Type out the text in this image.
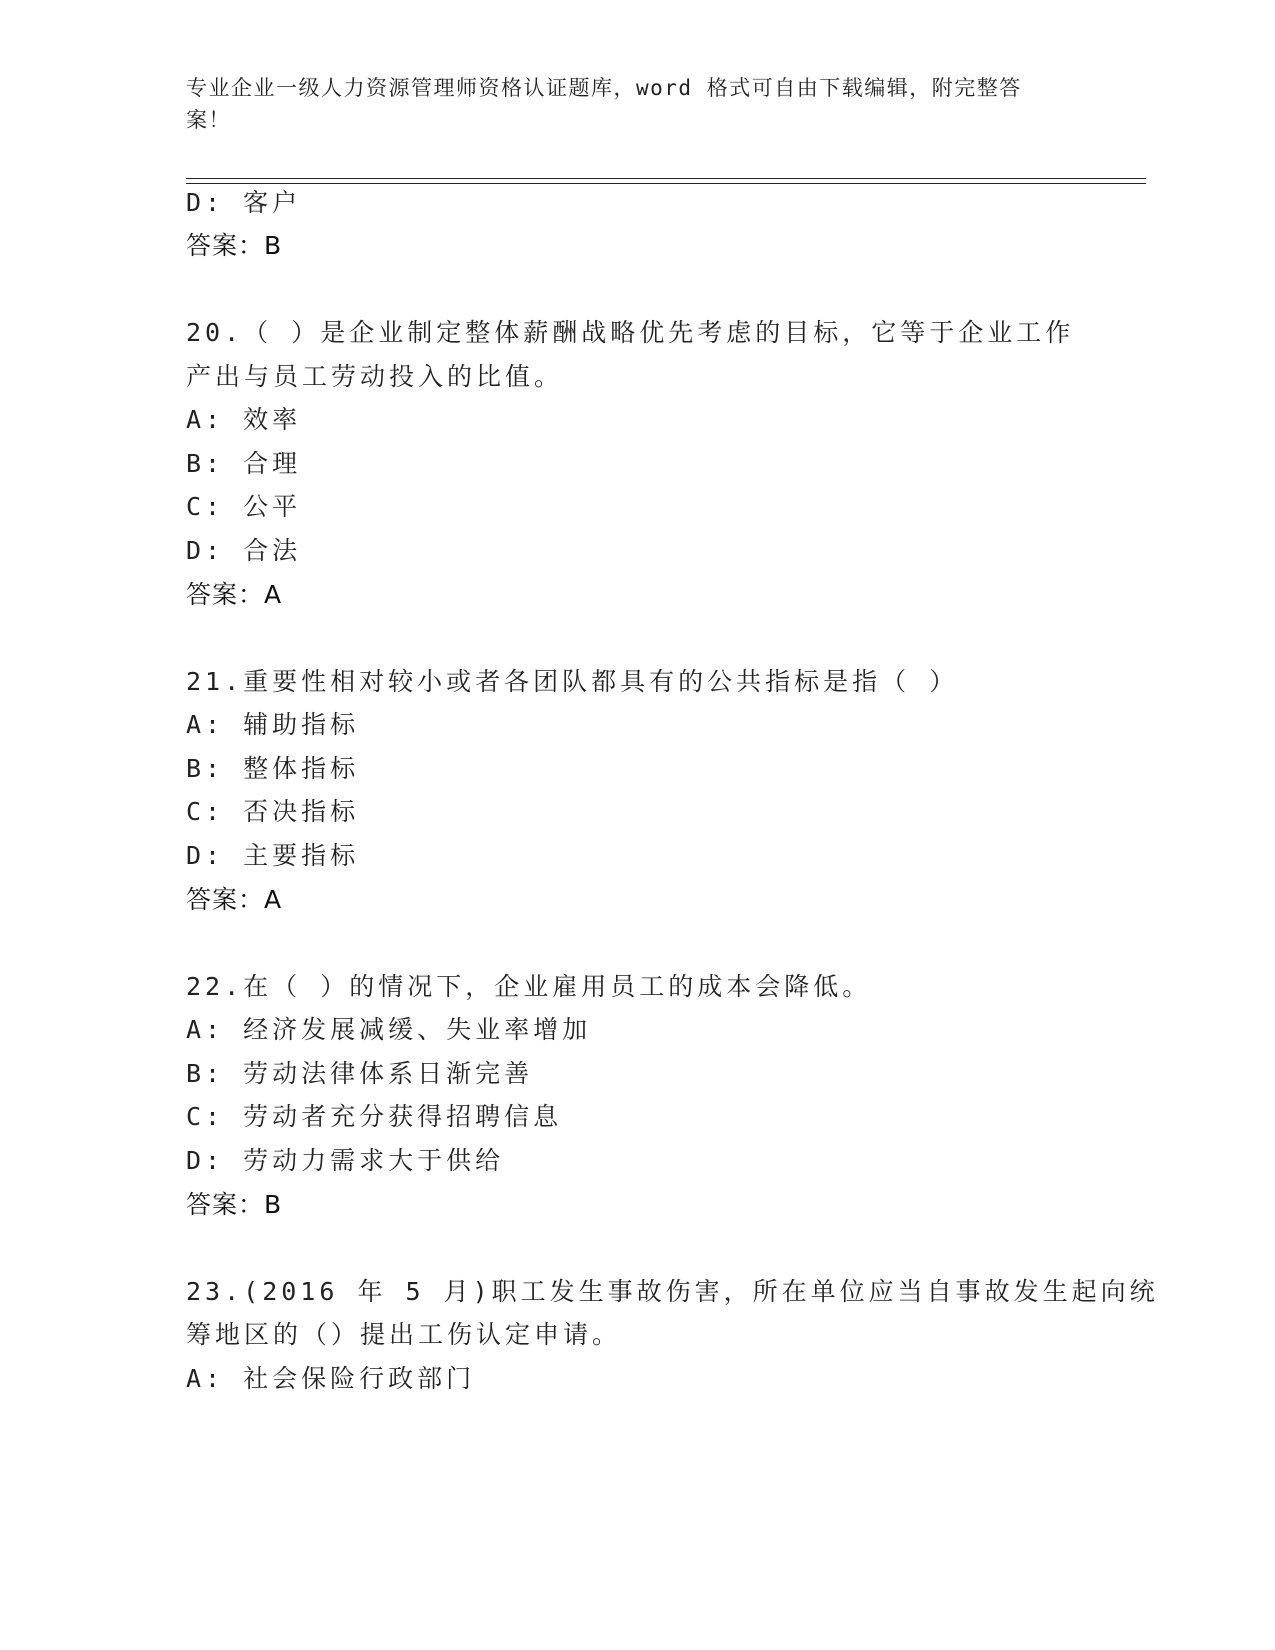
专业企业一级人力资源管理师资格认证题库，word 格式可自由下载编辑，附完整答案！
D: 客户
答案：B
20.（ ）是企业制定整体薪酬战略优先考虑的目标，它等于企业工作
产出与员工劳动投入的比值。
A: 效率
B: 合理
C: 公平
D: 合法
答案：A
21.重要性相对较小或者各团队都具有的公共指标是指（ ）
A: 辅助指标
B: 整体指标
C: 否决指标
D: 主要指标
答案：A
22.在（ ）的情况下，企业雇用员工的成本会降低。
A: 经济发展减缓、失业率增加
B: 劳动法律体系日渐完善
C: 劳动者充分获得招聘信息
D: 劳动力需求大于供给
答案：B
23.(2016 年 5 月)职工发生事故伤害，所在单位应当自事故发生起向统
筹地区的（）提出工伤认定申请。
A: 社会保险行政部门
